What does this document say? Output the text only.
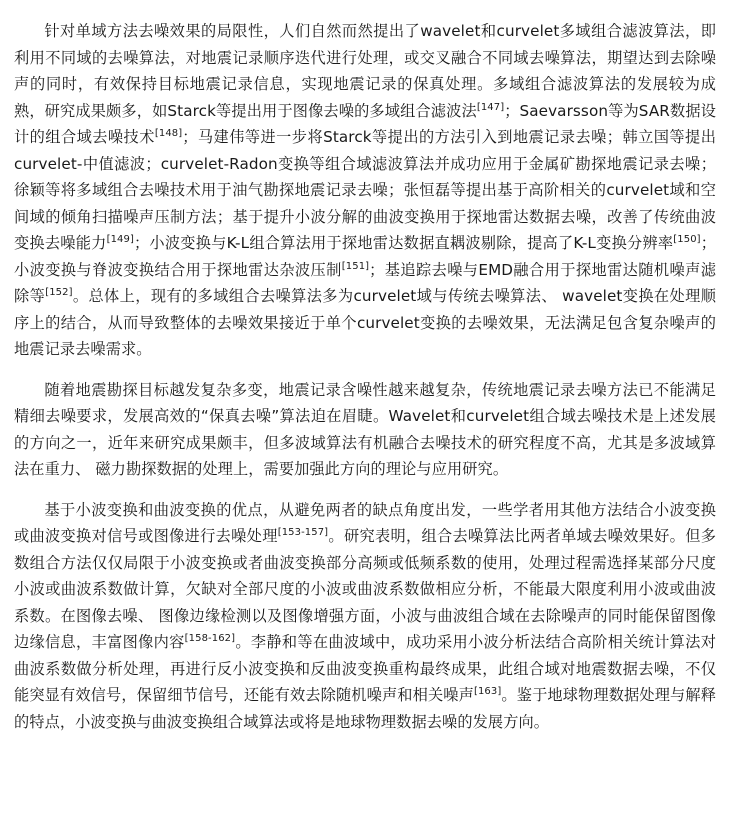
针对单域方法去噪效果的局限性，人们自然而然提出了wavelet和curvelet多域组合滤波算法，即利用不同域的去噪算法，对地震记录顺序迭代进行处理，或交叉融合不同域去噪算法，期望达到去除噪声的同时，有效保持目标地震记录信息，实现地震记录的保真处理。多域组合滤波算法的发展较为成熟，研究成果颇多，如Starck等提出用于图像去噪的多域组合滤波法[147]；Saevarsson等为SAR数据设计的组合域去噪技术[148]；马建伟等进一步将Starck等提出的方法引入到地震记录去噪；韩立国等提出curvelet-中值滤波；curvelet-Radon变换等组合域滤波算法并成功应用于金属矿勘探地震记录去噪；徐颖等将多域组合去噪技术用于油气勘探地震记录去噪；张恒磊等提出基于高阶相关的curvelet域和空间域的倾角扫描噪声压制方法；基于提升小波分解的曲波变换用于探地雷达数据去噪，改善了传统曲波变换去噪能力[149]；小波变换与K-L组合算法用于探地雷达数据直耦波剔除，提高了K-L变换分辨率[150]；小波变换与脊波变换结合用于探地雷达杂波压制[151]；基追踪去噪与EMD融合用于探地雷达随机噪声滤除等[152]。总体上，现有的多域组合去噪算法多为curvelet域与传统去噪算法、 wavelet变换在处理顺序上的结合，从而导致整体的去噪效果接近于单个curvelet变换的去噪效果，无法满足包含复杂噪声的地震记录去噪需求。

随着地震勘探目标越发复杂多变，地震记录含噪性越来越复杂，传统地震记录去噪方法已不能满足精细去噪要求，发展高效的“保真去噪”算法迫在眉睫。Wavelet和curvelet组合域去噪技术是上述发展的方向之一，近年来研究成果颇丰，但多波域算法有机融合去噪技术的研究程度不高，尤其是多波域算法在重力、 磁力勘探数据的处理上，需要加强此方向的理论与应用研究。

基于小波变换和曲波变换的优点，从避免两者的缺点角度出发，一些学者用其他方法结合小波变换或曲波变换对信号或图像进行去噪处理[153-157]。研究表明，组合去噪算法比两者单域去噪效果好。但多数组合方法仅仅局限于小波变换或者曲波变换部分高频或低频系数的使用，处理过程需选择某部分尺度小波或曲波系数做计算，欠缺对全部尺度的小波或曲波系数做相应分析，不能最大限度利用小波或曲波系数。在图像去噪、 图像边缘检测以及图像增强方面，小波与曲波组合域在去除噪声的同时能保留图像边缘信息，丰富图像内容[158-162]。李静和等在曲波域中，成功采用小波分析法结合高阶相关统计算法对曲波系数做分析处理，再进行反小波变换和反曲波变换重构最终成果，此组合域对地震数据去噪，不仅能突显有效信号，保留细节信号，还能有效去除随机噪声和相关噪声[163]。鉴于地球物理数据处理与解释的特点，小波变换与曲波变换组合域算法或将是地球物理数据去噪的发展方向。
